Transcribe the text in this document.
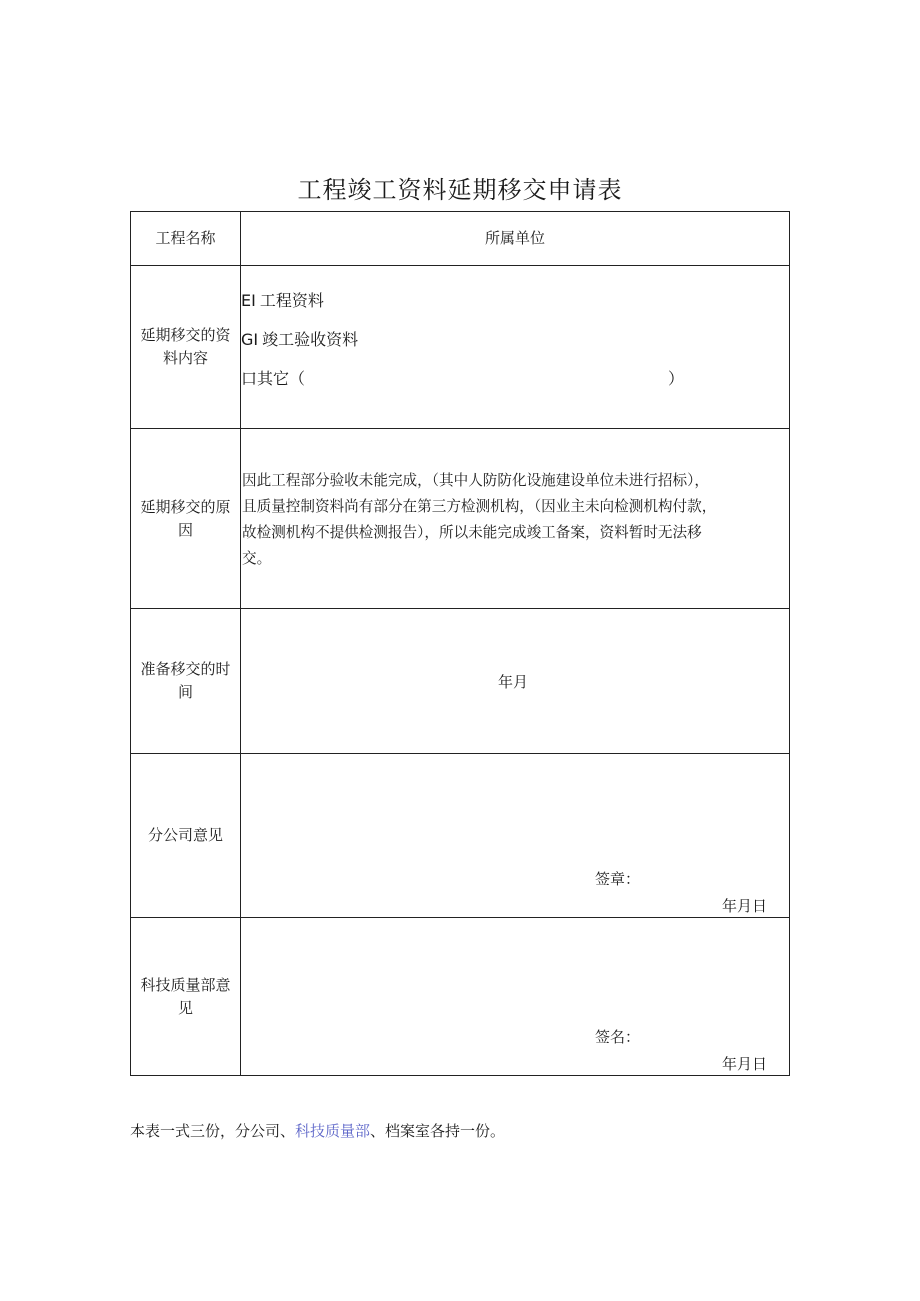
工程竣工资料延期移交申请表
工程名称	所属单位
延期移交的资
料内容
EI 工程资料
GI 竣工验收资料
口其它（	）
延期移交的原
因
因此工程部分验收未能完成，（其中人防防化设施建设单位未进行招标），
且质量控制资料尚有部分在第三方检测机构，（因业主未向检测机构付款，
故检测机构不提供检测报告），所以未能完成竣工备案，资料暂时无法移
交。
准备移交的时
间
年月
分公司意见
签章：
年月日
科技质量部意
见
签名：
年月日
本表一式三份，分公司、科技质量部、档案室各持一份。
